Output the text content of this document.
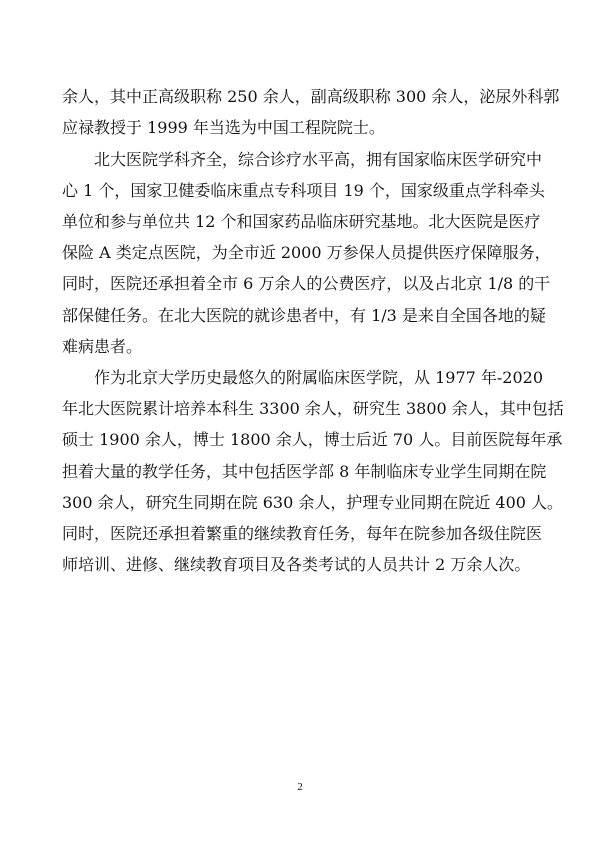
余人，其中正高级职称 250 余人，副高级职称 300 余人，泌尿外科郭
应禄教授于 1999 年当选为中国工程院院士。
　　北大医院学科齐全，综合诊疗水平高，拥有国家临床医学研究中
心 1 个，国家卫健委临床重点专科项目 19 个，国家级重点学科牵头
单位和参与单位共 12 个和国家药品临床研究基地。北大医院是医疗
保险 A 类定点医院，为全市近 2000 万参保人员提供医疗保障服务，
同时，医院还承担着全市 6 万余人的公费医疗，以及占北京 1/8 的干
部保健任务。在北大医院的就诊患者中，有 1/3 是来自全国各地的疑
难病患者。
　　作为北京大学历史最悠久的附属临床医学院，从 1977 年-2020
年北大医院累计培养本科生 3300 余人，研究生 3800 余人，其中包括
硕士 1900 余人，博士 1800 余人，博士后近 70 人。目前医院每年承
担着大量的教学任务，其中包括医学部 8 年制临床专业学生同期在院
300 余人，研究生同期在院 630 余人，护理专业同期在院近 400 人。
同时，医院还承担着繁重的继续教育任务，每年在院参加各级住院医
师培训、进修、继续教育项目及各类考试的人员共计 2 万余人次。
2
